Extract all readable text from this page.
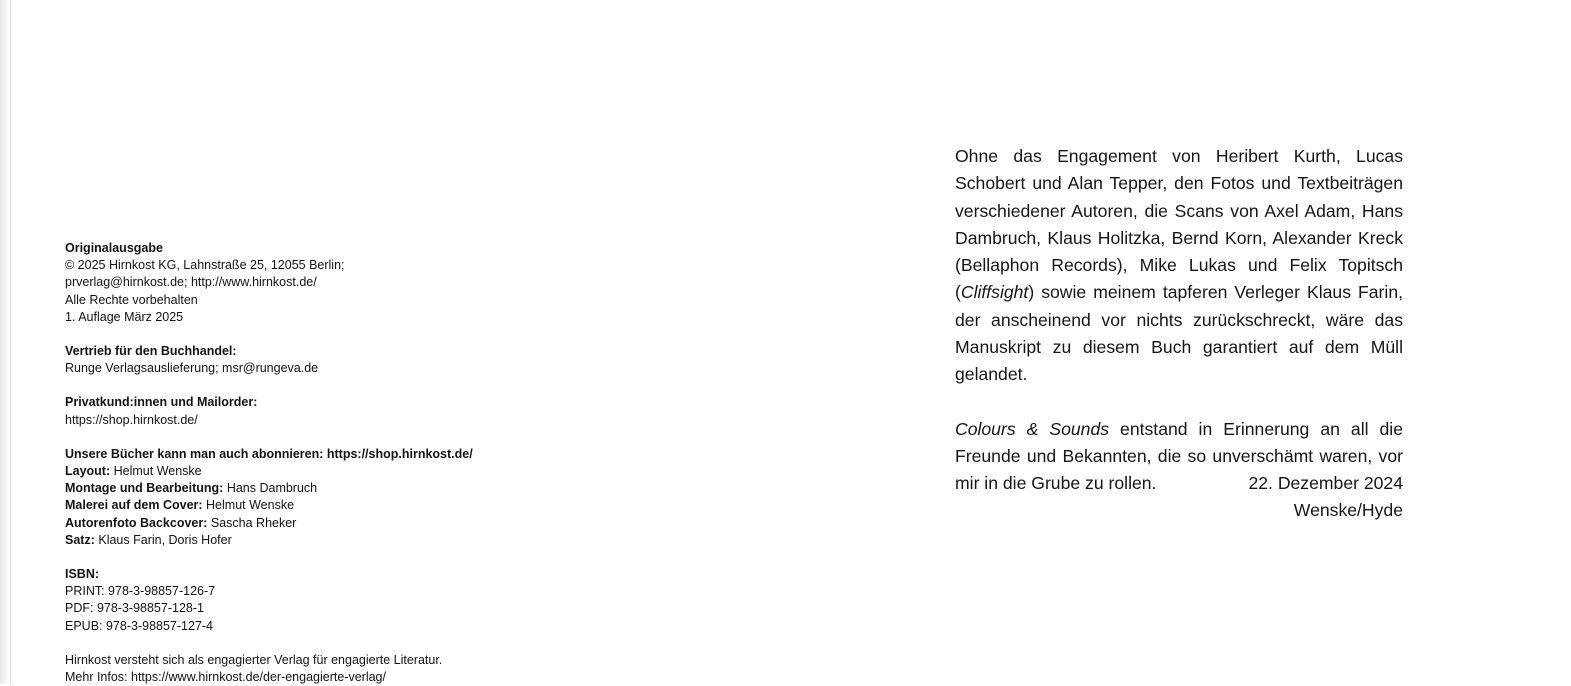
Originalausgabe
© 2025 Hirnkost KG, Lahnstraße 25, 12055 Berlin;
prverlag@hirnkost.de; http://www.hirnkost.de/
Alle Rechte vorbehalten
1. Auflage März 2025
Vertrieb für den Buchhandel:
Runge Verlagsauslieferung; msr@rungeva.de
Privatkund:innen und Mailorder:
https://shop.hirnkost.de/
Unsere Bücher kann man auch abonnieren: https://shop.hirnkost.de/
Layout: Helmut Wenske
Montage und Bearbeitung: Hans Dambruch
Malerei auf dem Cover: Helmut Wenske
Autorenfoto Backcover: Sascha Rheker
Satz: Klaus Farin, Doris Hofer
ISBN:
PRINT: 978-3-98857-126-7
PDF: 978-3-98857-128-1
EPUB: 978-3-98857-127-4
Hirnkost versteht sich als engagierter Verlag für engagierte Literatur.
Mehr Infos: https://www.hirnkost.de/der-engagierte-verlag/

Ohne das Engagement von Heribert Kurth, Lucas Schobert und Alan Tepper, den Fotos und Textbeiträgen verschiedener Autoren, die Scans von Axel Adam, Hans Dambruch, Klaus Holitzka, Bernd Korn, Alexander Kreck (Bellaphon Records), Mike Lukas und Felix Topitsch (Cliffsight) sowie meinem tapferen Verleger Klaus Farin, der anscheinend vor nichts zurückschreckt, wäre das Manuskript zu diesem Buch garantiert auf dem Müll gelandet.

Colours & Sounds entstand in Erinnerung an all die Freunde und Bekannten, die so unverschämt waren, vor mir in die Grube zu rollen.	22. Dezember 2024
Wenske/Hyde
